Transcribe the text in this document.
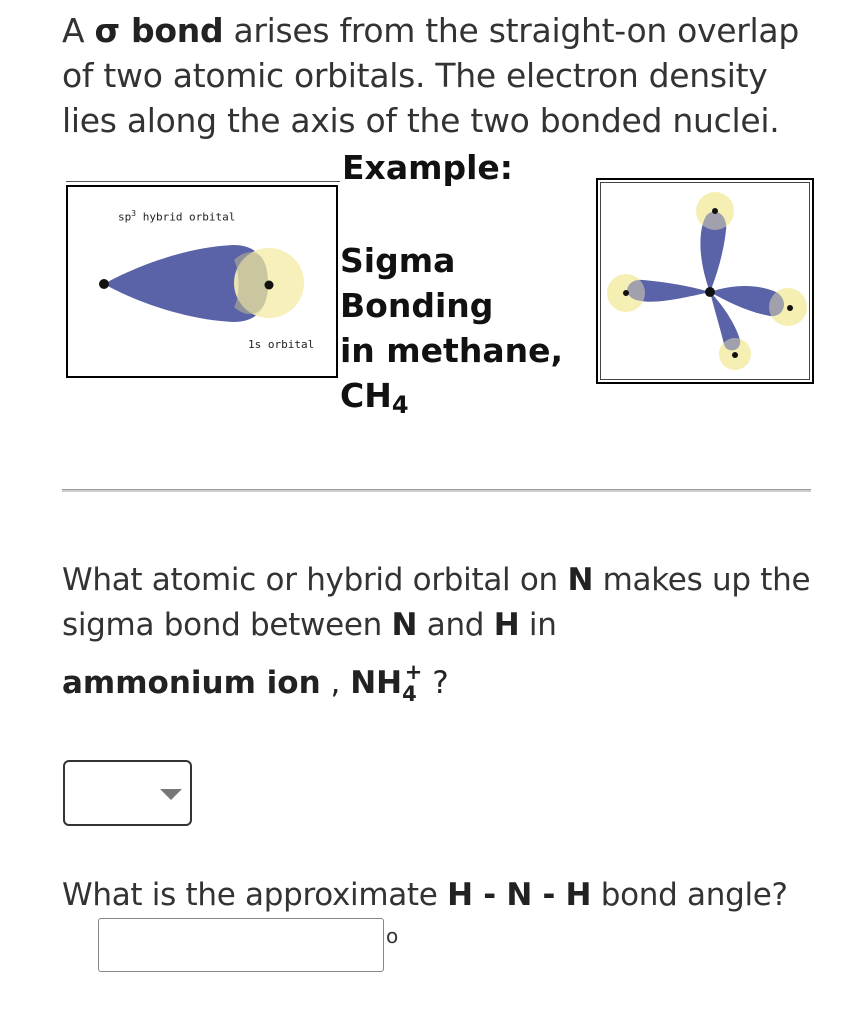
A σ bond arises from the straight-on overlap of two atomic orbitals. The electron density lies along the axis of the two bonded nuclei.
Example:
$sp^3$ hybrid orbital
1s orbital
Sigma
Bonding
in methane,
$CH_4$
What atomic or hybrid orbital on N makes up the sigma bond between N and H in
ammonium ion , $NH_4^+$ ?
What is the approximate H - N - H bond angle?
o
